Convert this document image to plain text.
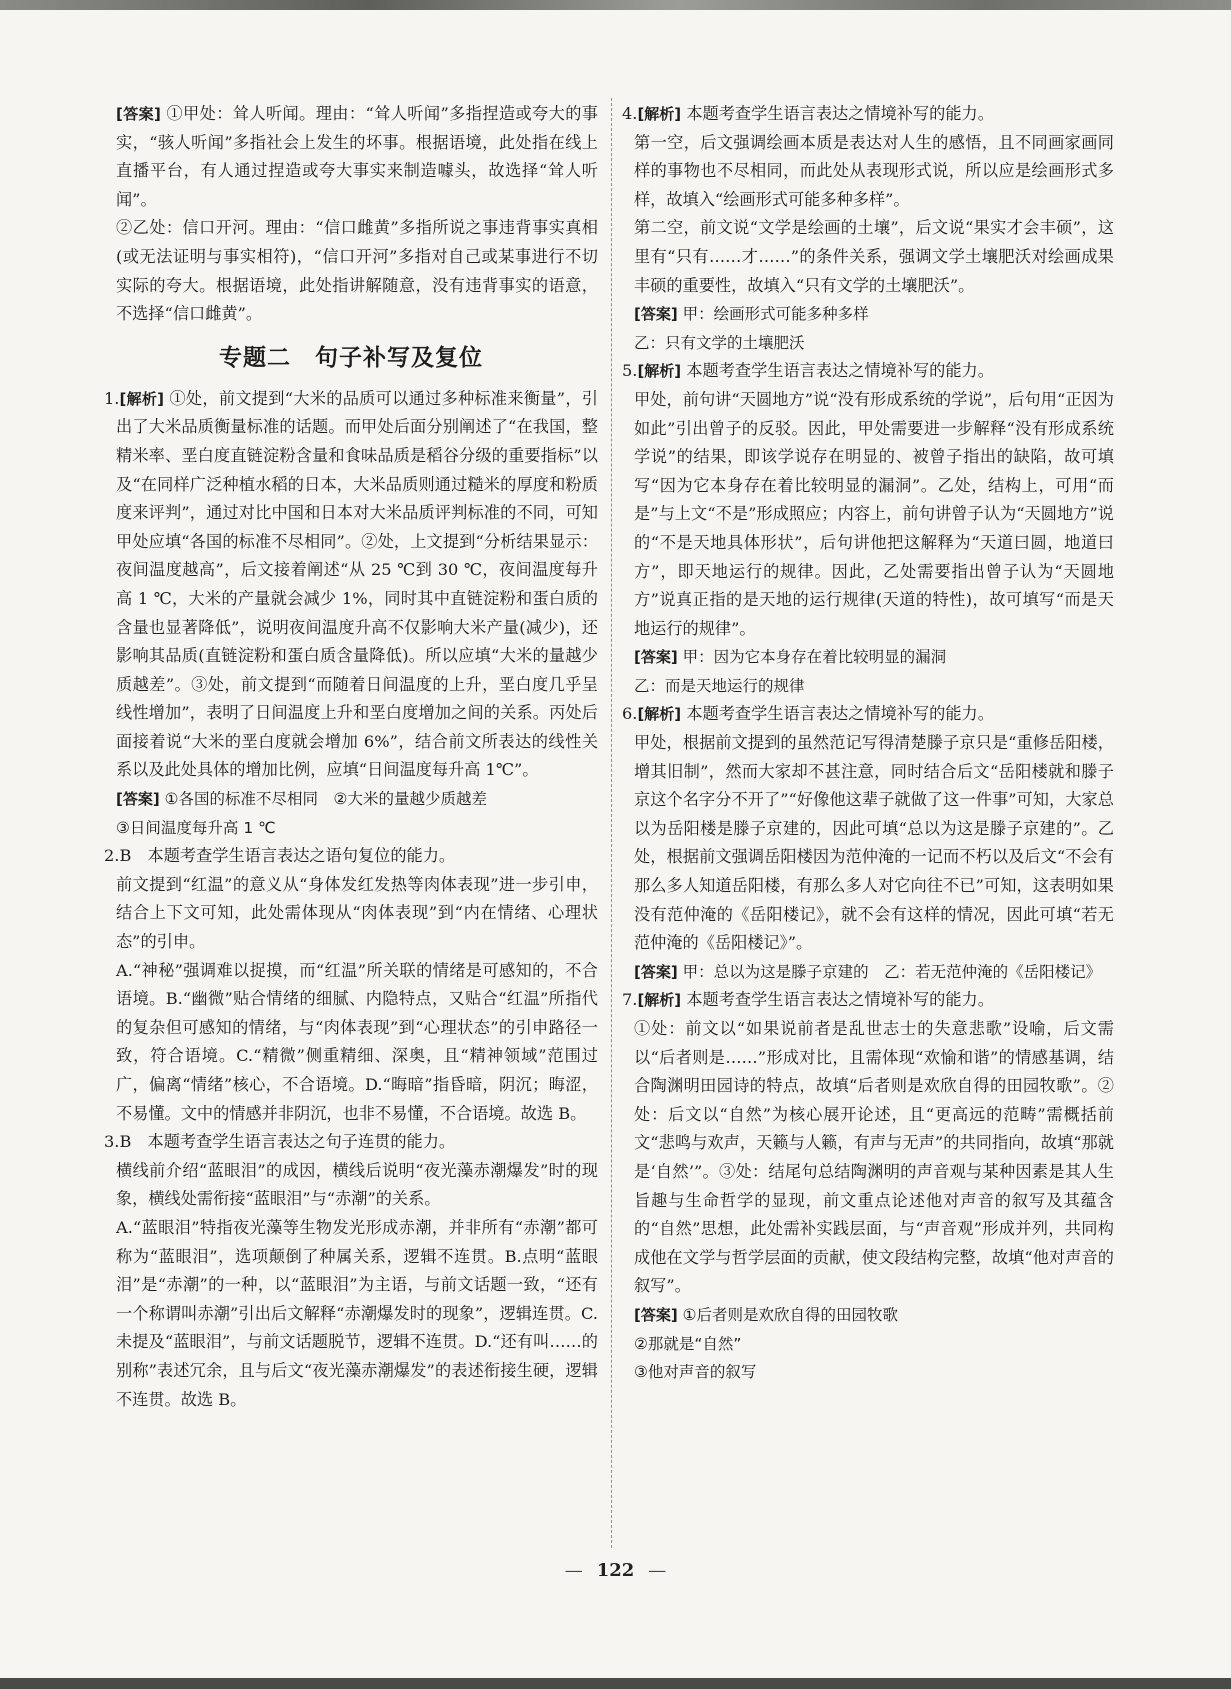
[答案] ①甲处：耸人听闻。理由：“耸人听闻”多指捏造或夸大的事实，“骇人听闻”多指社会上发生的坏事。根据语境，此处指在线上直播平台，有人通过捏造或夸大事实来制造噱头，故选择“耸人听闻”。

②乙处：信口开河。理由：“信口雌黄”多指所说之事违背事实真相(或无法证明与事实相符)，“信口开河”多指对自己或某事进行不切实际的夸大。根据语境，此处指讲解随意，没有违背事实的语意，不选择“信口雌黄”。

专题二　句子补写及复位

1.[解析] ①处，前文提到“大米的品质可以通过多种标准来衡量”，引出了大米品质衡量标准的话题。而甲处后面分别阐述了“在我国，整精米率、垩白度直链淀粉含量和食味品质是稻谷分级的重要指标”以及“在同样广泛种植水稻的日本，大米品质则通过糙米的厚度和粉质度来评判”，通过对比中国和日本对大米品质评判标准的不同，可知甲处应填“各国的标准不尽相同”。②处，上文提到“分析结果显示：夜间温度越高”，后文接着阐述“从 25 ℃到 30 ℃，夜间温度每升高 1 ℃，大米的产量就会减少 1%，同时其中直链淀粉和蛋白质的含量也显著降低”，说明夜间温度升高不仅影响大米产量(减少)，还影响其品质(直链淀粉和蛋白质含量降低)。所以应填“大米的量越少质越差”。③处，前文提到“而随着日间温度的上升，垩白度几乎呈线性增加”，表明了日间温度上升和垩白度增加之间的关系。丙处后面接着说“大米的垩白度就会增加 6%”，结合前文所表达的线性关系以及此处具体的增加比例，应填“日间温度每升高 1℃”。

[答案] ①各国的标准不尽相同　②大米的量越少质越差

③日间温度每升高 1 ℃

2.B　本题考查学生语言表达之语句复位的能力。

前文提到“红温”的意义从“身体发红发热等肉体表现”进一步引申，结合上下文可知，此处需体现从“肉体表现”到“内在情绪、心理状态”的引申。

A.“神秘”强调难以捉摸，而“红温”所关联的情绪是可感知的，不合语境。B.“幽微”贴合情绪的细腻、内隐特点，又贴合“红温”所指代的复杂但可感知的情绪，与“肉体表现”到“心理状态”的引申路径一致，符合语境。C.“精微”侧重精细、深奥，且“精神领域”范围过广，偏离“情绪”核心，不合语境。D.“晦暗”指昏暗，阴沉；晦涩，不易懂。文中的情感并非阴沉，也非不易懂，不合语境。故选 B。

3.B　本题考查学生语言表达之句子连贯的能力。

横线前介绍“蓝眼泪”的成因，横线后说明“夜光藻赤潮爆发”时的现象，横线处需衔接“蓝眼泪”与“赤潮”的关系。

A.“蓝眼泪”特指夜光藻等生物发光形成赤潮，并非所有“赤潮”都可称为“蓝眼泪”，选项颠倒了种属关系，逻辑不连贯。B.点明“蓝眼泪”是“赤潮”的一种，以“蓝眼泪”为主语，与前文话题一致，“还有一个称谓叫赤潮”引出后文解释“赤潮爆发时的现象”，逻辑连贯。C.未提及“蓝眼泪”，与前文话题脱节，逻辑不连贯。D.“还有叫……的别称”表述冗余，且与后文“夜光藻赤潮爆发”的表述衔接生硬，逻辑不连贯。故选 B。

4.[解析] 本题考查学生语言表达之情境补写的能力。

第一空，后文强调绘画本质是表达对人生的感悟，且不同画家画同样的事物也不尽相同，而此处从表现形式说，所以应是绘画形式多样，故填入“绘画形式可能多种多样”。

第二空，前文说“文学是绘画的土壤”，后文说“果实才会丰硕”，这里有“只有……才……”的条件关系，强调文学土壤肥沃对绘画成果丰硕的重要性，故填入“只有文学的土壤肥沃”。

[答案] 甲：绘画形式可能多种多样

乙：只有文学的土壤肥沃

5.[解析] 本题考查学生语言表达之情境补写的能力。

甲处，前句讲“天圆地方”说“没有形成系统的学说”，后句用“正因为如此”引出曾子的反驳。因此，甲处需要进一步解释“没有形成系统学说”的结果，即该学说存在明显的、被曾子指出的缺陷，故可填写“因为它本身存在着比较明显的漏洞”。乙处，结构上，可用“而是”与上文“不是”形成照应；内容上，前句讲曾子认为“天圆地方”说的“不是天地具体形状”，后句讲他把这解释为“天道曰圆，地道曰方”，即天地运行的规律。因此，乙处需要指出曾子认为“天圆地方”说真正指的是天地的运行规律(天道的特性)，故可填写“而是天地运行的规律”。

[答案] 甲：因为它本身存在着比较明显的漏洞

乙：而是天地运行的规律

6.[解析] 本题考查学生语言表达之情境补写的能力。

甲处，根据前文提到的虽然范记写得清楚滕子京只是“重修岳阳楼，增其旧制”，然而大家却不甚注意，同时结合后文“岳阳楼就和滕子京这个名字分不开了”“好像他这辈子就做了这一件事”可知，大家总以为岳阳楼是滕子京建的，因此可填“总以为这是滕子京建的”。乙处，根据前文强调岳阳楼因为范仲淹的一记而不朽以及后文“不会有那么多人知道岳阳楼，有那么多人对它向往不已”可知，这表明如果没有范仲淹的《岳阳楼记》，就不会有这样的情况，因此可填“若无范仲淹的《岳阳楼记》”。

[答案] 甲：总以为这是滕子京建的　乙：若无范仲淹的《岳阳楼记》

7.[解析] 本题考查学生语言表达之情境补写的能力。

①处：前文以“如果说前者是乱世志士的失意悲歌”设喻，后文需以“后者则是……”形成对比，且需体现“欢愉和谐”的情感基调，结合陶渊明田园诗的特点，故填“后者则是欢欣自得的田园牧歌”。②处：后文以“自然”为核心展开论述，且“更高远的范畴”需概括前文“悲鸣与欢声，天籁与人籁，有声与无声”的共同指向，故填“那就是‘自然’”。③处：结尾句总结陶渊明的声音观与某种因素是其人生旨趣与生命哲学的显现，前文重点论述他对声音的叙写及其蕴含的“自然”思想，此处需补实践层面，与“声音观”形成并列，共同构成他在文学与哲学层面的贡献，使文段结构完整，故填“他对声音的叙写”。

[答案] ①后者则是欢欣自得的田园牧歌

②那就是“自然”

③他对声音的叙写

— 122 —
